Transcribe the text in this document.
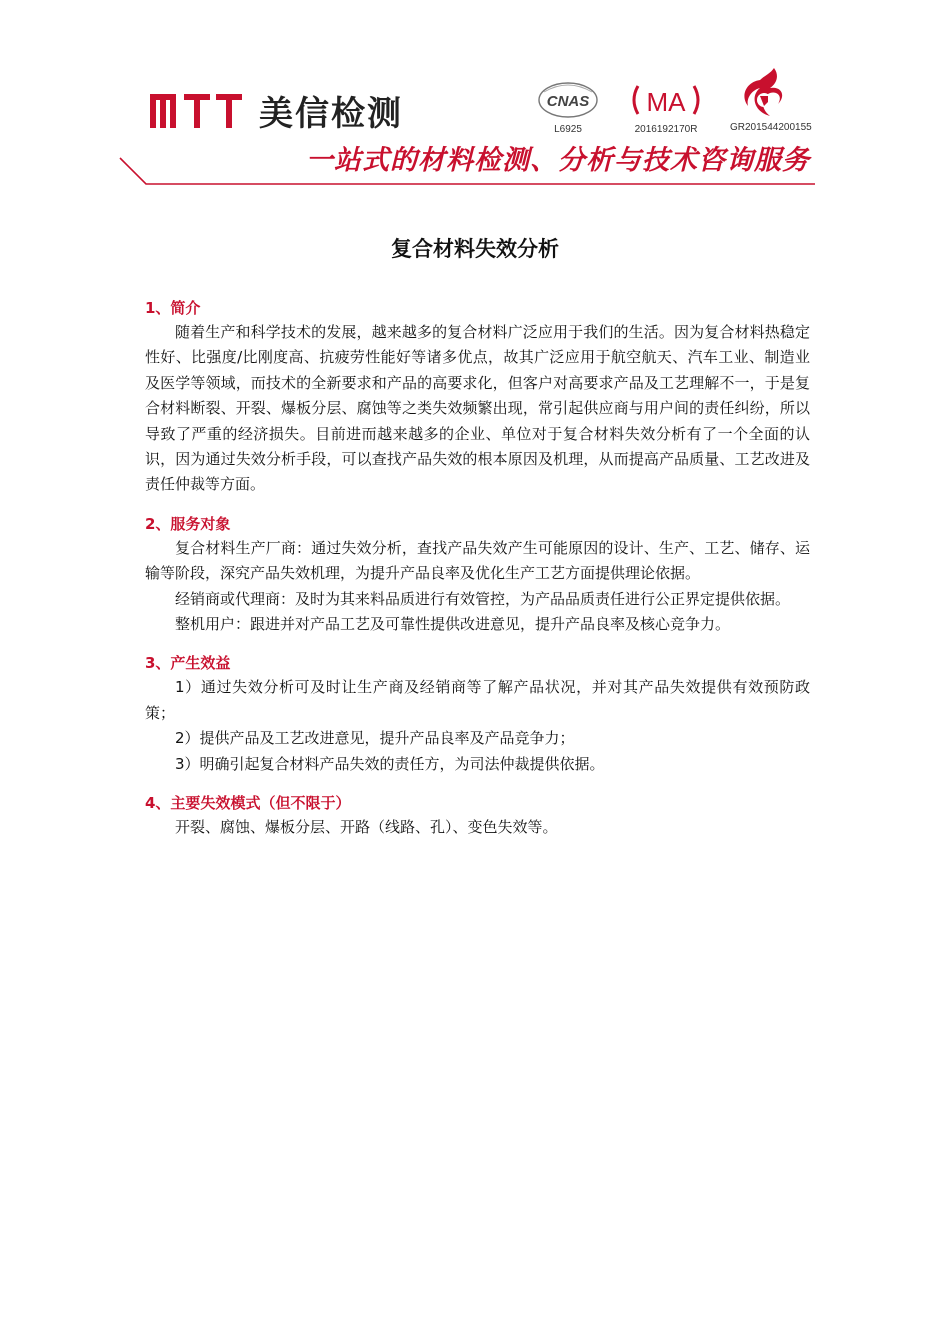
美信检测	CNAS
L6925
MA
2016192170R	GR201544200155
一站式的材料检测、分析与技术咨询服务
复合材料失效分析
1、简介

随着生产和科学技术的发展，越来越多的复合材料广泛应用于我们的生活。因为复合材料热稳定性好、比强度/比刚度高、抗疲劳性能好等诸多优点，故其广泛应用于航空航天、汽车工业、制造业及医学等领域，而技术的全新要求和产品的高要求化，但客户对高要求产品及工艺理解不一，于是复合材料断裂、开裂、爆板分层、腐蚀等之类失效频繁出现，常引起供应商与用户间的责任纠纷，所以导致了严重的经济损失。目前进而越来越多的企业、单位对于复合材料失效分析有了一个全面的认识，因为通过失效分析手段，可以查找产品失效的根本原因及机理，从而提高产品质量、工艺改进及责任仲裁等方面。

2、服务对象

复合材料生产厂商：通过失效分析，查找产品失效产生可能原因的设计、生产、工艺、储存、运输等阶段，深究产品失效机理，为提升产品良率及优化生产工艺方面提供理论依据。

经销商或代理商：及时为其来料品质进行有效管控，为产品品质责任进行公正界定提供依据。

整机用户：跟进并对产品工艺及可靠性提供改进意见，提升产品良率及核心竞争力。

3、产生效益

1）通过失效分析可及时让生产商及经销商等了解产品状况，并对其产品失效提供有效预防政策；

2）提供产品及工艺改进意见，提升产品良率及产品竞争力；

3）明确引起复合材料产品失效的责任方，为司法仲裁提供依据。

4、主要失效模式（但不限于）

开裂、腐蚀、爆板分层、开路（线路、孔）、变色失效等。
